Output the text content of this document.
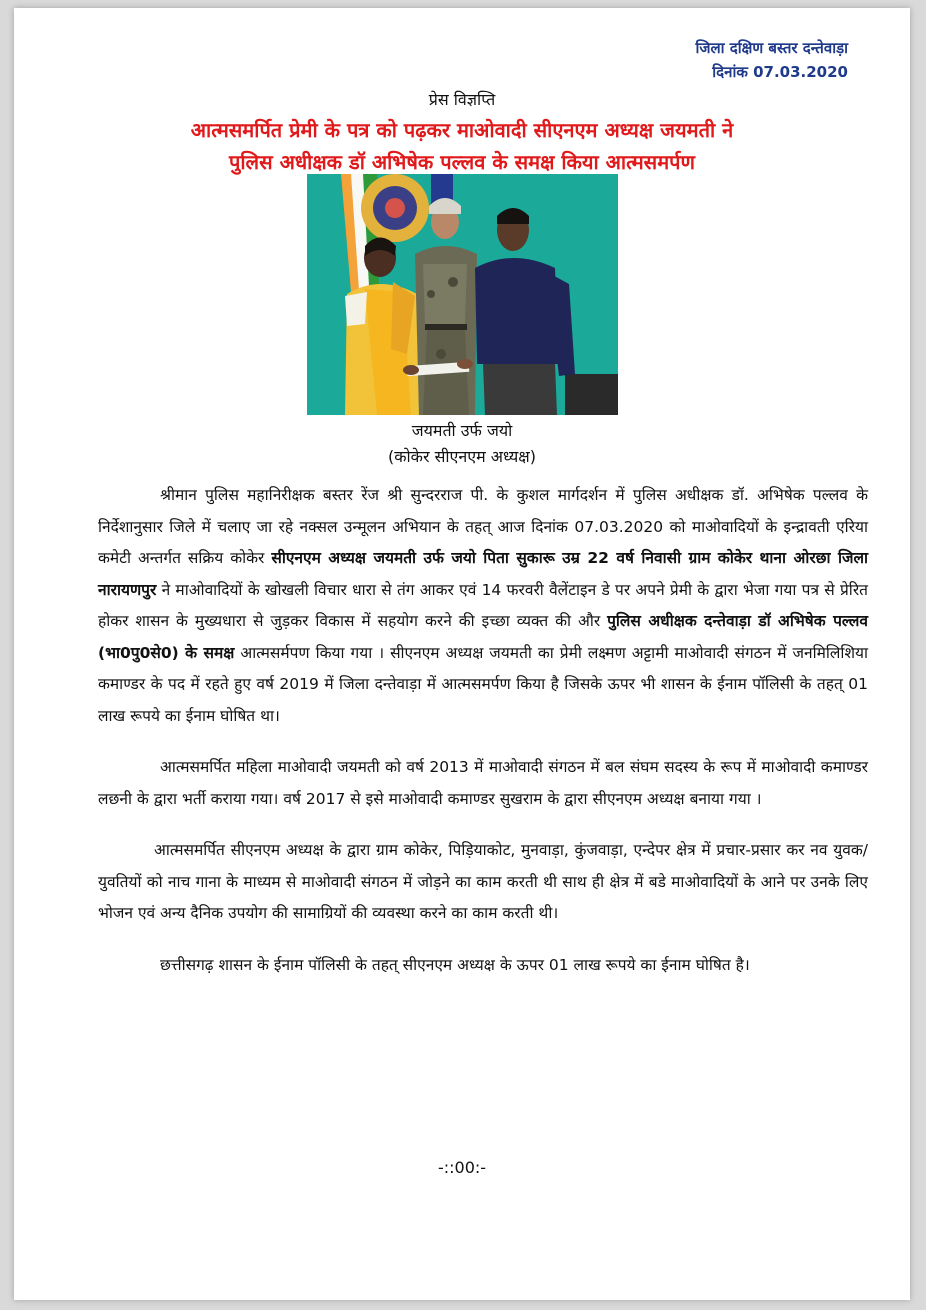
जिला दक्षिण बस्तर दन्तेवाड़ा
दिनांक 07.03.2020
प्रेस विज्ञप्ति
आत्मसमर्पित प्रेमी के पत्र को पढ़कर माओवादी सीएनएम अध्यक्ष जयमती ने
पुलिस अधीक्षक डॉ अभिषेक पल्लव के समक्ष किया आत्मसमर्पण
जयमती उर्फ जयो
(कोकेर सीएनएम अध्यक्ष)

श्रीमान पुलिस महानिरीक्षक बस्तर रेंज श्री सुन्दरराज पी. के कुशल मार्गदर्शन में पुलिस अधीक्षक डॉ. अभिषेक पल्लव के निर्देशानुसार जिले में चलाए जा रहे नक्सल उन्मूलन अभियान के तहत् आज दिनांक 07.03.2020 को माओवादियों के इन्द्रावती एरिया कमेटी अन्तर्गत सक्रिय कोकेर सीएनएम अध्यक्ष जयमती उर्फ जयो पिता सुकारू उम्र 22 वर्ष निवासी ग्राम कोकेर थाना ओरछा जिला नारायणपुर ने माओवादियों के खोखली विचार धारा से तंग आकर एवं 14 फरवरी वैलेंटाइन डे पर अपने प्रेमी के द्वारा भेजा गया पत्र से प्रेरित होकर शासन के मुख्यधारा से जुड़कर विकास में सहयोग करने की इच्छा व्यक्त की और पुलिस अधीक्षक दन्तेवाड़ा डॉ अभिषेक पल्लव (भा0पु0से0) के समक्ष आत्मसर्मपण किया गया । सीएनएम अध्यक्ष जयमती का प्रेमी लक्ष्मण अट्टामी माओवादी संगठन में जनमिलिशिया कमाण्डर के पद में रहते हुए वर्ष 2019 में जिला दन्तेवाड़ा में आत्मसमर्पण किया है जिसके ऊपर भी शासन के ईनाम पॉलिसी के तहत् 01 लाख रूपये का ईनाम घोषित था।

आत्मसमर्पित महिला माओवादी जयमती को वर्ष 2013 में माओवादी संगठन में बल संघम सदस्य के रूप में माओवादी कमाण्डर लछनी के द्वारा भर्ती कराया गया। वर्ष 2017 से इसे माओवादी कमाण्डर सुखराम के द्वारा सीएनएम अध्यक्ष बनाया गया ।

आत्मसमर्पित सीएनएम अध्यक्ष के द्वारा ग्राम कोकेर, पिड़ियाकोट, मुनवाड़ा, कुंजवाड़ा, एन्देपर क्षेत्र में प्रचार-प्रसार कर नव युवक/युवतियों को नाच गाना के माध्यम से माओवादी संगठन में जोड़ने का काम करती थी साथ ही क्षेत्र में बडे माओवादियों के आने पर उनके लिए भोजन एवं अन्य दैनिक उपयोग की सामाग्रियों की व्यवस्था करने का काम करती थी।

छत्तीसगढ़ शासन के ईनाम पॉलिसी के तहत् सीएनएम अध्यक्ष के ऊपर 01 लाख रूपये का ईनाम घोषित है।

-::00:-
